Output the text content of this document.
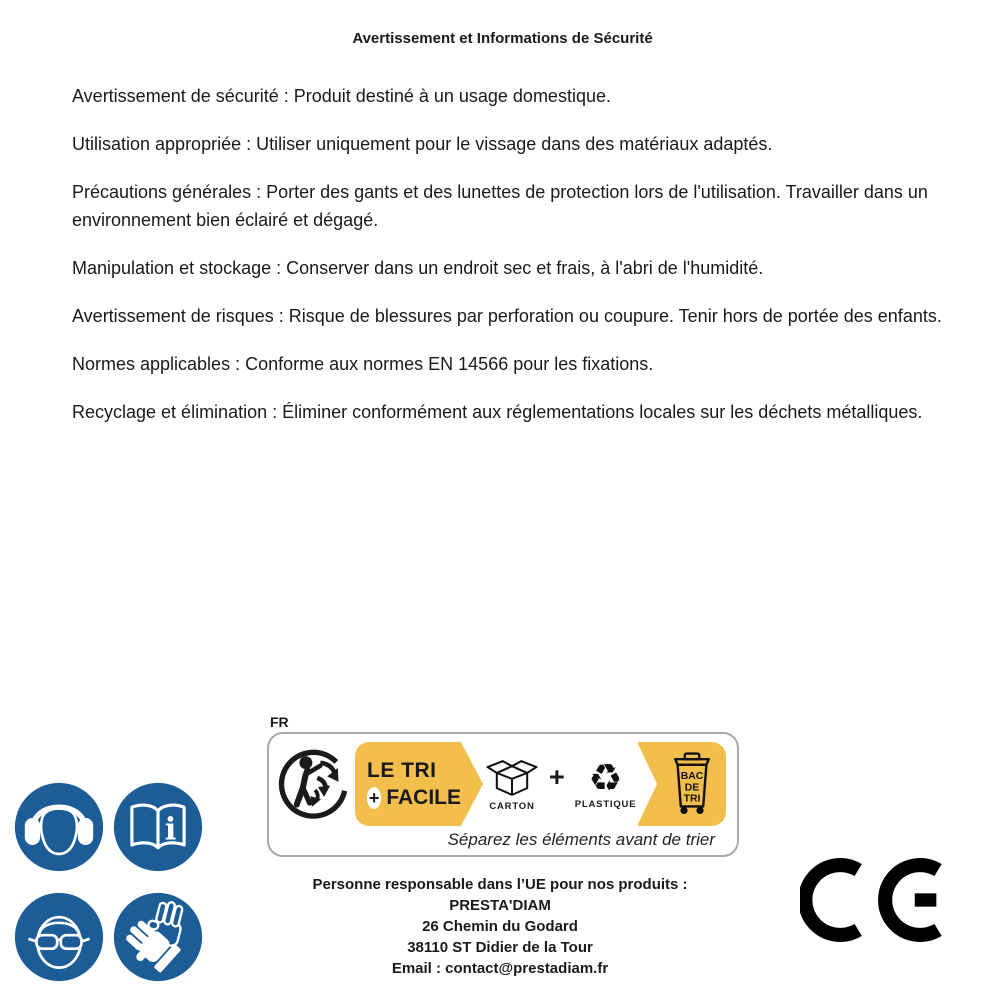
Avertissement et Informations de Sécurité

Avertissement de sécurité : Produit destiné à un usage domestique.

Utilisation appropriée : Utiliser uniquement pour le vissage dans des matériaux adaptés.

Précautions générales : Porter des gants et des lunettes de protection lors de l'utilisation. Travailler dans un environnement bien éclairé et dégagé.

Manipulation et stockage : Conserver dans un endroit sec et frais, à l'abri de l'humidité.

Avertissement de risques : Risque de blessures par perforation ou coupure. Tenir hors de portée des enfants.

Normes applicables : Conforme aux normes EN 14566 pour les fixations.

Recyclage et élimination : Éliminer conformément aux réglementations locales sur les déchets métalliques.

i
FR
LE TRI
+ FACILE	CARTON
+ ♻
PLASTIQUE
BAC
DE
TRI
Séparez les éléments avant de trier
Personne responsable dans l’UE pour nos produits :
PRESTA'DIAM
26 Chemin du Godard
38110 ST Didier de la Tour
Email : contact@prestadiam.fr
